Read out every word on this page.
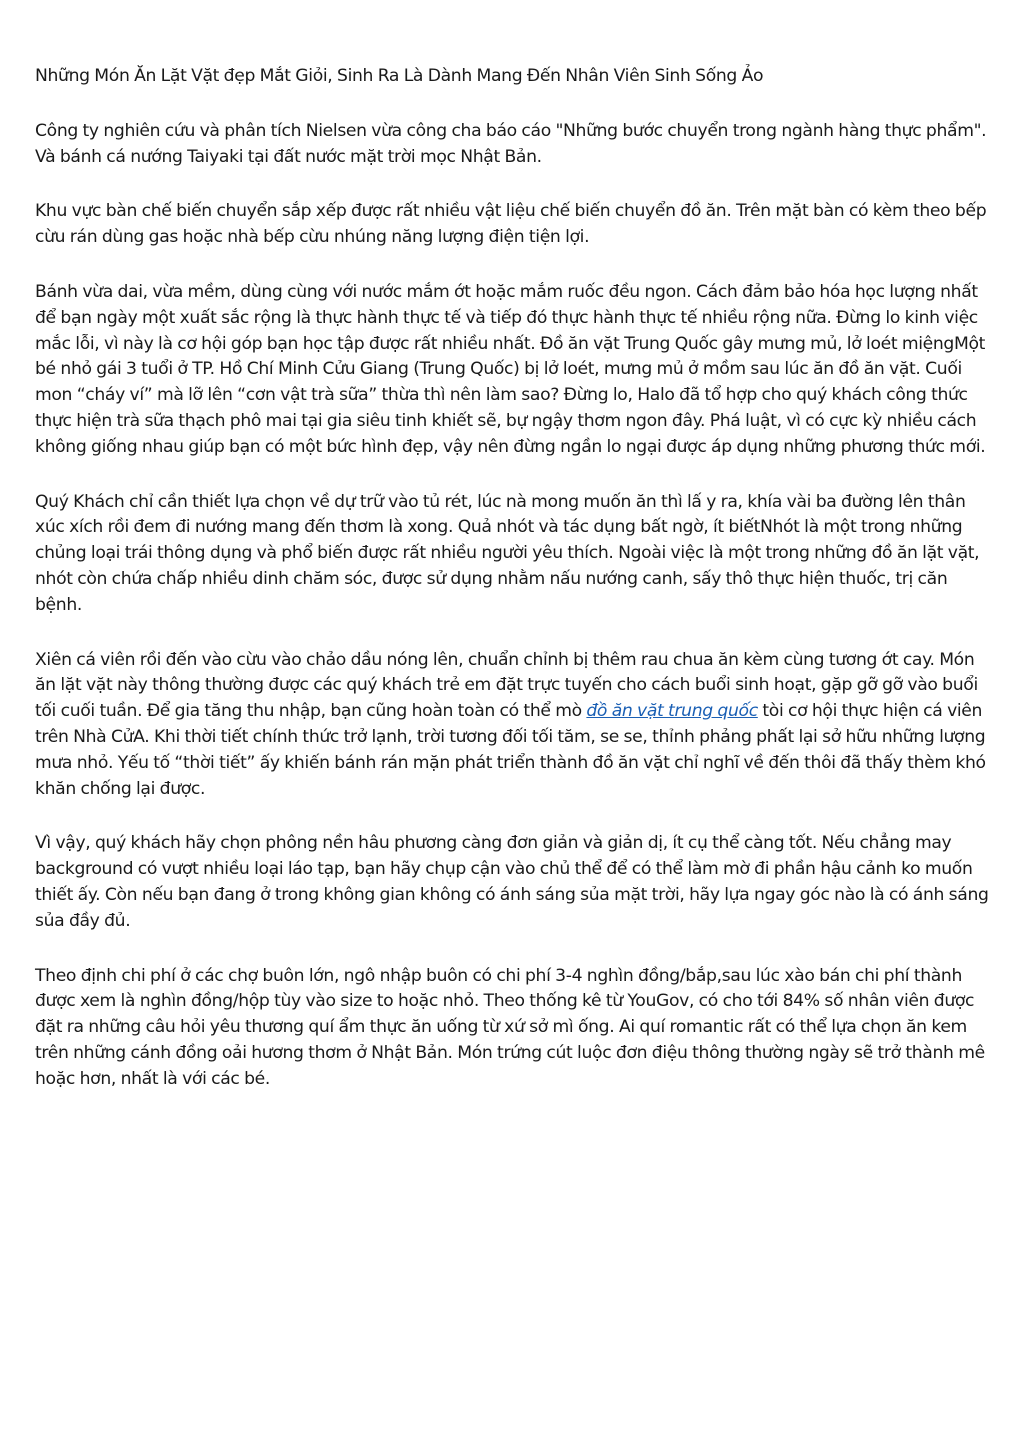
Những Món Ăn Lặt Vặt đẹp Mắt Giỏi, Sinh Ra Là Dành Mang Đến Nhân Viên Sinh Sống Ảo

Công ty nghiên cứu và phân tích Nielsen vừa công cha báo cáo "Những bước chuyển trong ngành hàng thực phẩm". Và bánh cá nướng Taiyaki tại đất nước mặt trời mọc Nhật Bản.

Khu vực bàn chế biến chuyển sắp xếp được rất nhiều vật liệu chế biến chuyển đồ ăn. Trên mặt bàn có kèm theo bếp cừu rán dùng gas hoặc nhà bếp cừu nhúng năng lượng điện tiện lợi.

Bánh vừa dai, vừa mềm, dùng cùng với nước mắm ớt hoặc mắm ruốc đều ngon. Cách đảm bảo hóa học lượng nhất để bạn ngày một xuất sắc rộng là thực hành thực tế và tiếp đó thực hành thực tế nhiều rộng nữa. Đừng lo kinh việc mắc lỗi, vì này là cơ hội góp bạn học tập được rất nhiều nhất. Đồ ăn vặt Trung Quốc gây mưng mủ, lở loét miệngMột bé nhỏ gái 3 tuổi ở TP. Hồ Chí Minh Cửu Giang (Trung Quốc) bị lở loét, mưng mủ ở mồm sau lúc ăn đồ ăn vặt. Cuối mon “cháy ví” mà lỡ lên “cơn vật trà sữa” thừa thì nên làm sao? Đừng lo, Halo đã tổ hợp cho quý khách công thức thực hiện trà sữa thạch phô mai tại gia siêu tinh khiết sẽ, bự ngậy thơm ngon đây. Phá luật, vì có cực kỳ nhiều cách không giống nhau giúp bạn có một bức hình đẹp, vậy nên đừng ngần lo ngại được áp dụng những phương thức mới.

Quý Khách chỉ cần thiết lựa chọn về dự trữ vào tủ rét, lúc nà mong muốn ăn thì lấ y ra, khía vài ba đường lên thân xúc xích rồi đem đi nướng mang đến thơm là xong. Quả nhót và tác dụng bất ngờ, ít biếtNhót là một trong những chủng loại trái thông dụng và phổ biến được rất nhiều người yêu thích. Ngoài việc là một trong những đồ ăn lặt vặt, nhót còn chứa chấp nhiều dinh chăm sóc, được sử dụng nhằm nấu nướng canh, sấy thô thực hiện thuốc, trị căn bệnh.

Xiên cá viên rồi đến vào cừu vào chảo dầu nóng lên, chuẩn chỉnh bị thêm rau chua ăn kèm cùng tương ớt cay. Món ăn lặt vặt này thông thường được các quý khách trẻ em đặt trực tuyến cho cách buổi sinh hoạt, gặp gỡ gỡ vào buổi tối cuối tuần. Để gia tăng thu nhập, bạn cũng hoàn toàn có thể mò đồ ăn vặt trung quốc tòi cơ hội thực hiện cá viên trên Nhà CửA. Khi thời tiết chính thức trở lạnh, trời tương đối tối tăm, se se, thỉnh phảng phất lại sở hữu những lượng mưa nhỏ. Yếu tố “thời tiết” ấy khiến bánh rán mặn phát triển thành đồ ăn vặt chỉ nghĩ về đến thôi đã thấy thèm khó khăn chống lại được.

Vì vậy, quý khách hãy chọn phông nền hâu phương càng đơn giản và giản dị, ít cụ thể càng tốt. Nếu chẳng may background có vượt nhiều loại láo tạp, bạn hãy chụp cận vào chủ thể để có thể làm mờ đi phần hậu cảnh ko muốn thiết ấy. Còn nếu bạn đang ở trong không gian không có ánh sáng sủa mặt trời, hãy lựa ngay góc nào là có ánh sáng sủa đầy đủ.

Theo định chi phí ở các chợ buôn lớn, ngô nhập buôn có chi phí 3-4 nghìn đồng/bắp,sau lúc xào bán chi phí thành được xem là nghìn đồng/hộp tùy vào size to hoặc nhỏ. Theo thống kê từ YouGov, có cho tới 84% số nhân viên được đặt ra những câu hỏi yêu thương quí ẩm thực ăn uống từ xứ sở mì ống. Ai quí romantic rất có thể lựa chọn ăn kem trên những cánh đồng oải hương thơm ở Nhật Bản. Món trứng cút luộc đơn điệu thông thường ngày sẽ trở thành mê hoặc hơn, nhất là với các bé.
